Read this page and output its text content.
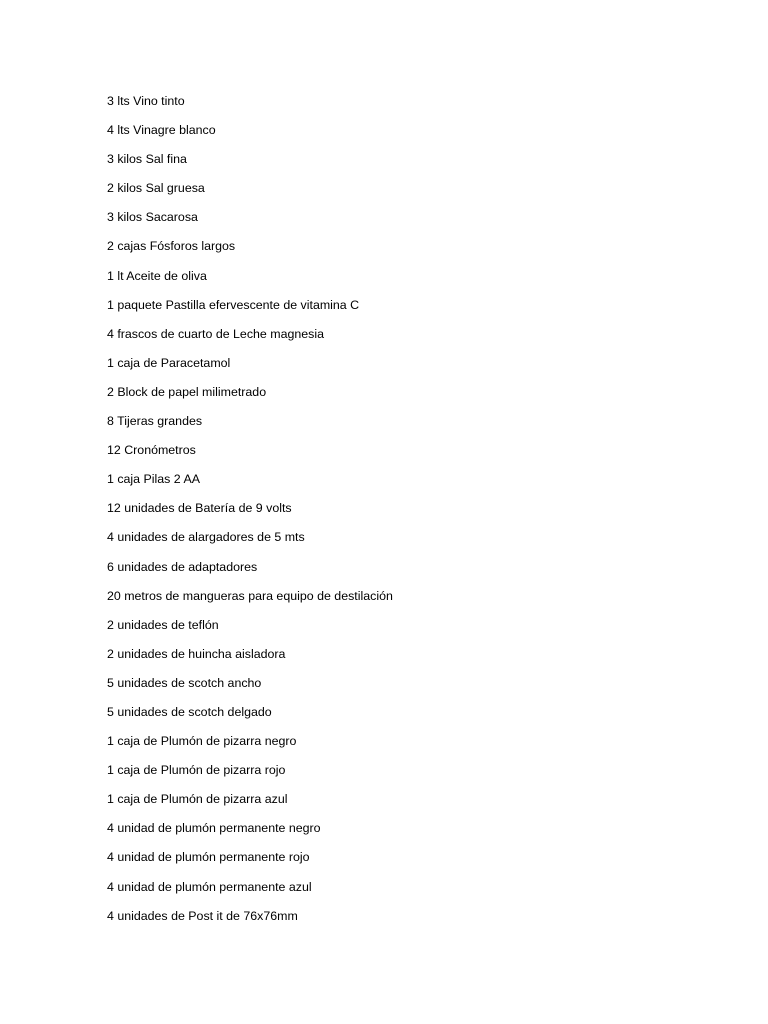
3 lts Vino tinto
4 lts Vinagre blanco
3 kilos Sal fina
2 kilos Sal gruesa
3 kilos Sacarosa
2 cajas Fósforos largos
1 lt Aceite de oliva
1 paquete Pastilla efervescente de vitamina C
4 frascos de cuarto de Leche magnesia
1 caja de Paracetamol
2 Block de papel milimetrado
8 Tijeras grandes
12 Cronómetros
1 caja Pilas 2 AA
12 unidades de Batería de 9 volts
4 unidades de alargadores de 5 mts
6 unidades de adaptadores
20 metros de mangueras para equipo de destilación
2 unidades de teflón
2 unidades de huincha aisladora
5 unidades de scotch ancho
5 unidades de scotch delgado
1 caja de Plumón de pizarra negro
1 caja de Plumón de pizarra rojo
1 caja de Plumón de pizarra azul
4 unidad de plumón permanente negro
4 unidad de plumón permanente rojo
4 unidad de plumón permanente azul
4 unidades de Post it de 76x76mm
